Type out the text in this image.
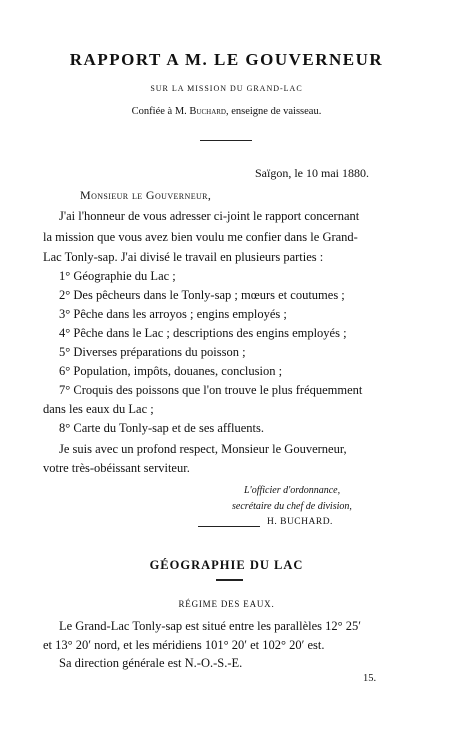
RAPPORT A M. LE GOUVERNEUR
SUR LA MISSION DU GRAND-LAC
Confiée à M. Buchard, enseigne de vaisseau.
Saïgon, le 10 mai 1880.
Monsieur le Gouverneur,
J'ai l'honneur de vous adresser ci-joint le rapport concernant
la mission que vous avez bien voulu me confier dans le Grand-
Lac Tonly-sap. J'ai divisé le travail en plusieurs parties :
1° Géographie du Lac ;
2° Des pêcheurs dans le Tonly-sap ; mœurs et coutumes ;
3° Pêche dans les arroyos ; engins employés ;
4° Pêche dans le Lac ; descriptions des engins employés ;
5° Diverses préparations du poisson ;
6° Population, impôts, douanes, conclusion ;
7° Croquis des poissons que l'on trouve le plus fréquemment
dans les eaux du Lac ;
8° Carte du Tonly-sap et de ses affluents.
Je suis avec un profond respect, Monsieur le Gouverneur,
votre très-obéissant serviteur.
L'officier d'ordonnance,
secrétaire du chef de division,
H. BUCHARD.
GÉOGRAPHIE DU LAC
RÉGIME DES EAUX.
Le Grand-Lac Tonly-sap est situé entre les parallèles 12° 25′
et 13° 20′ nord, et les méridiens 101° 20′ et 102° 20′ est.
Sa direction générale est N.-O.-S.-E.
15.
